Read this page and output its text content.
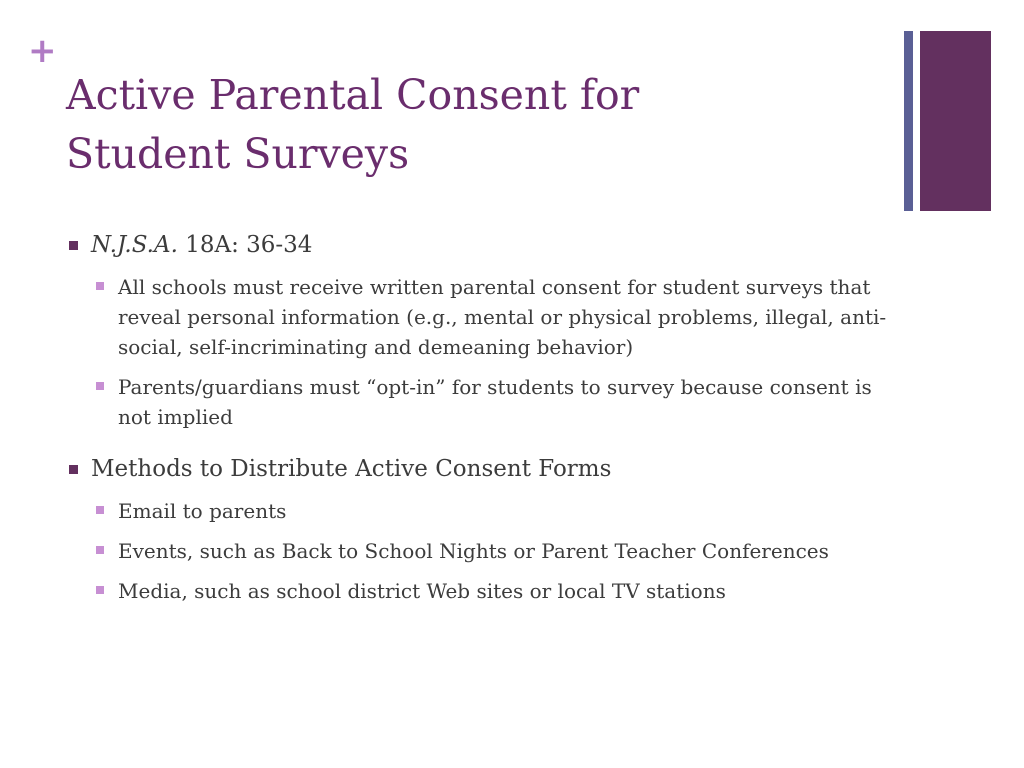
+
Active Parental Consent for
Student Surveys
N.J.S.A. 18A: 36-34
All schools must receive written parental consent for student surveys that reveal personal information (e.g., mental or physical problems, illegal, anti-social, self-incriminating and demeaning behavior)
Parents/guardians must “opt-in” for students to survey because consent is not implied
Methods to Distribute Active Consent Forms
Email to parents
Events, such as Back to School Nights or Parent Teacher Conferences
Media, such as school district Web sites or local TV stations
